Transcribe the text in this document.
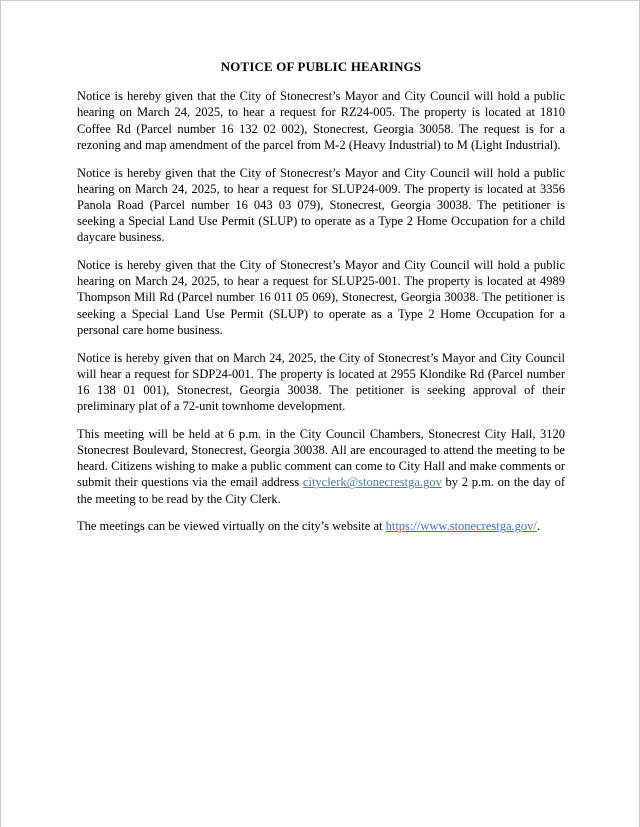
NOTICE OF PUBLIC HEARINGS

Notice is hereby given that the City of Stonecrest’s Mayor and City Council will hold a public hearing on March 24, 2025, to hear a request for RZ24-005. The property is located at 1810 Coffee Rd (Parcel number 16 132 02 002), Stonecrest, Georgia 30058. The request is for a rezoning and map amendment of the parcel from M-2 (Heavy Industrial) to M (Light Industrial).

Notice is hereby given that the City of Stonecrest’s Mayor and City Council will hold a public hearing on March 24, 2025, to hear a request for SLUP24-009. The property is located at 3356 Panola Road (Parcel number 16 043 03 079), Stonecrest, Georgia 30038. The petitioner is seeking a Special Land Use Permit (SLUP) to operate as a Type 2 Home Occupation for a child daycare business.

Notice is hereby given that the City of Stonecrest’s Mayor and City Council will hold a public hearing on March 24, 2025, to hear a request for SLUP25-001. The property is located at 4989 Thompson Mill Rd (Parcel number 16 011 05 069), Stonecrest, Georgia 30038. The petitioner is seeking a Special Land Use Permit (SLUP) to operate as a Type 2 Home Occupation for a personal care home business.

Notice is hereby given that on March 24, 2025, the City of Stonecrest’s Mayor and City Council will hear a request for SDP24-001. The property is located at 2955 Klondike Rd (Parcel number 16 138 01 001), Stonecrest, Georgia 30038. The petitioner is seeking approval of their preliminary plat of a 72-unit townhome development.

This meeting will be held at 6 p.m. in the City Council Chambers, Stonecrest City Hall, 3120 Stonecrest Boulevard, Stonecrest, Georgia 30038. All are encouraged to attend the meeting to be heard. Citizens wishing to make a public comment can come to City Hall and make comments or submit their questions via the email address cityclerk@stonecrestga.gov by 2 p.m. on the day of the meeting to be read by the City Clerk.

The meetings can be viewed virtually on the city’s website at https://www.stonecrestga.gov/.
